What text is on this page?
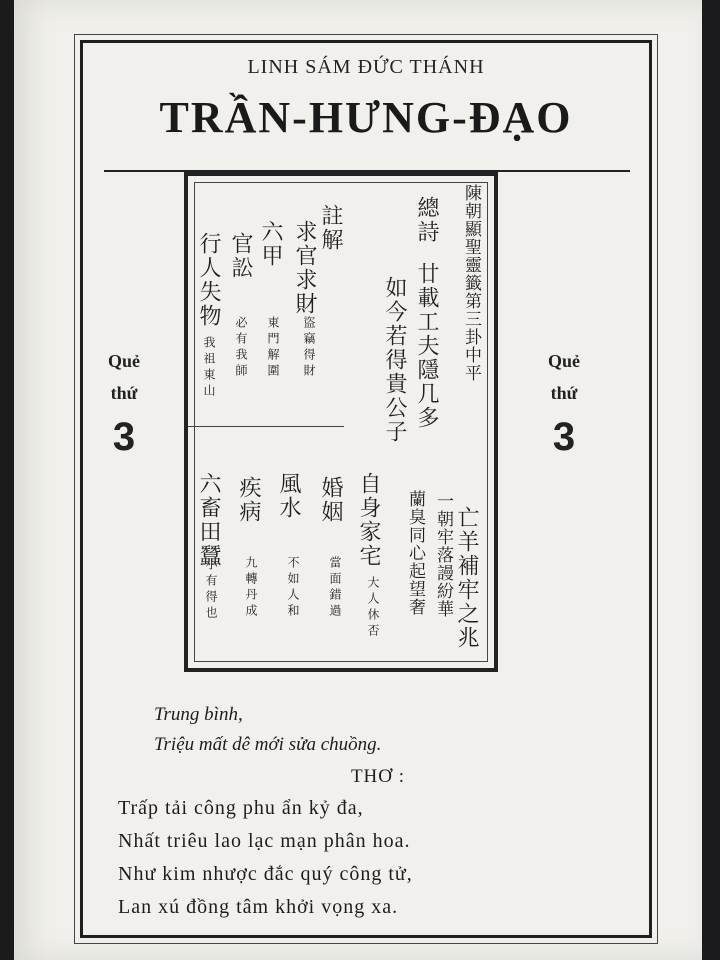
LINH SÁM ĐỨC THÁNH
TRẦN-HƯNG-ĐẠO
Quẻ
thứ
3
Quẻ
thứ
3
陳朝顯聖靈籤第三卦中平
總詩
廿載工夫隱几多
如今若得貴公子
註解
求官求財
盜竊得財
六甲
東門解圍
官訟
必有我師
行人失物
我祖東山
亡羊補牢之兆
一朝牢落謾紛華
蘭臭同心起望奢
自身家宅
大人休否
婚姻
當面錯過
風水
不如人和
疾病
九轉丹成
六畜田蠶
小有得也
Trung bình,
Triệu mất dê mới sửa chuồng.
THƠ :
Trấp tải công phu ẩn kỷ đa,
Nhất triêu lao lạc mạn phân hoa.
Như kim nhược đắc quý công tử,
Lan xú đồng tâm khởi vọng xa.
